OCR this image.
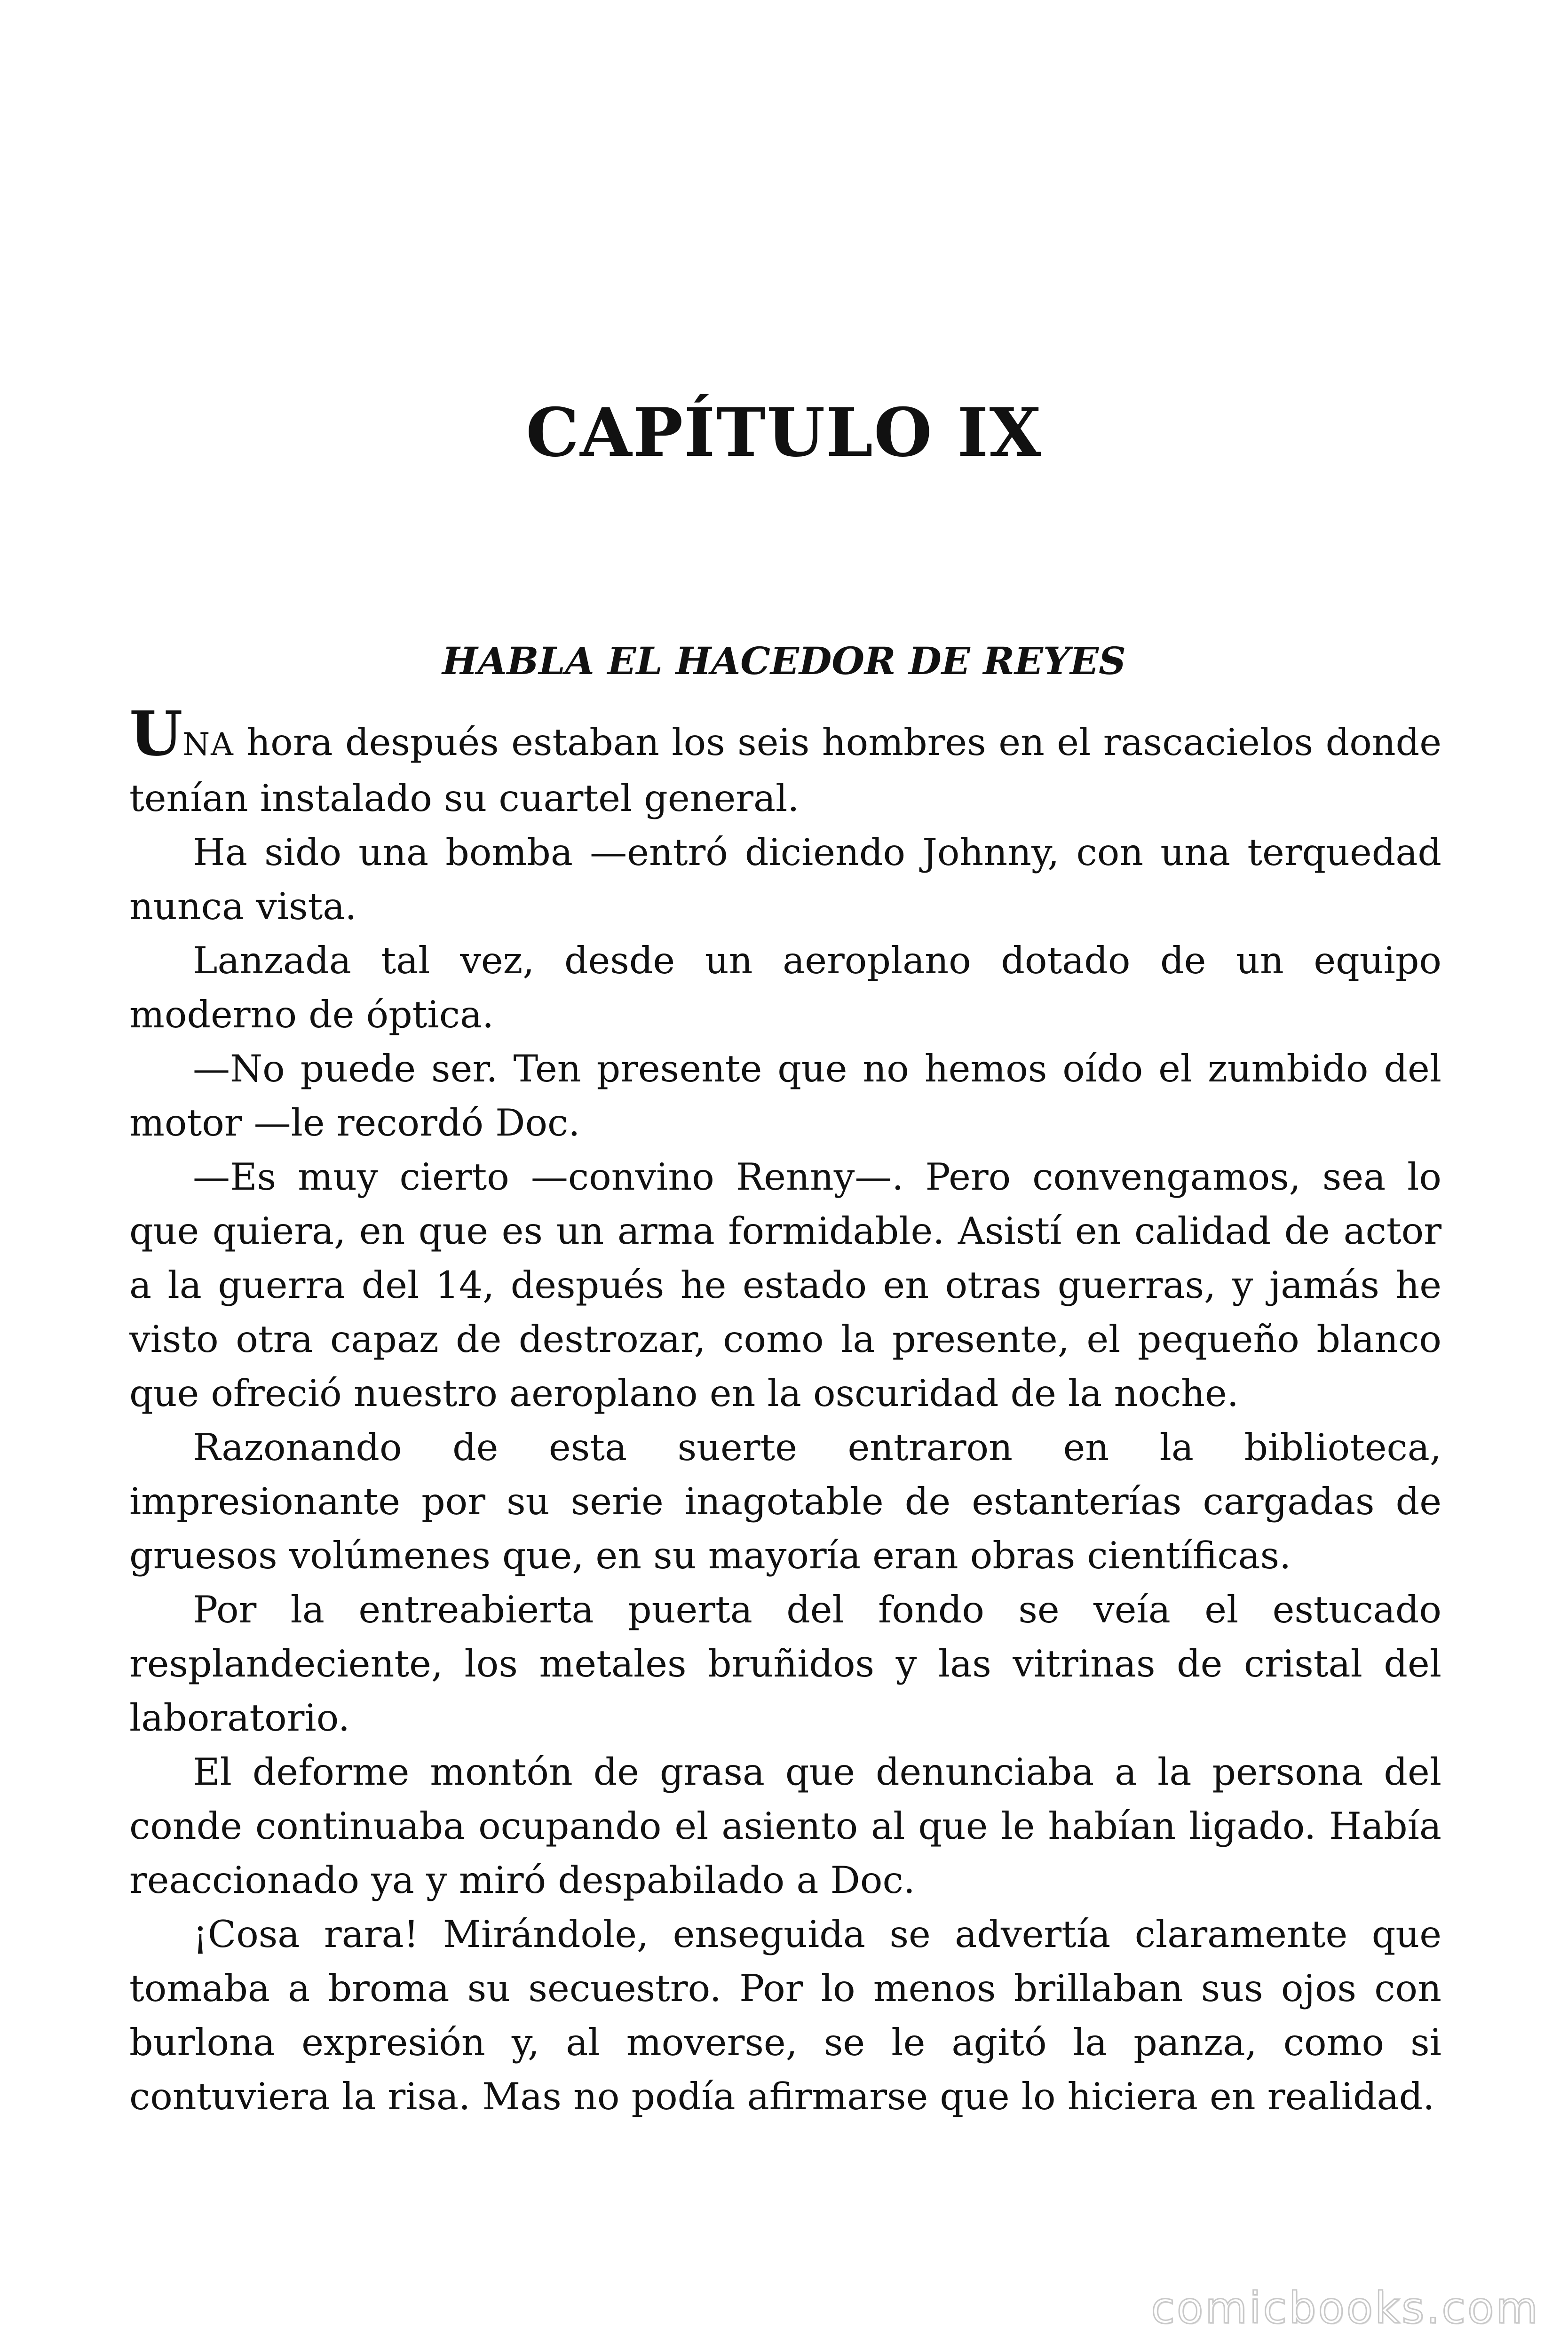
CAPÍTULO IX
HABLA EL HACEDOR DE REYES

UNA hora después estaban los seis hombres en el rascacielos donde tenían instalado su cuartel general.

Ha sido una bomba —entró diciendo Johnny, con una terquedad nunca vista.

Lanzada tal vez, desde un aeroplano dotado de un equipo moderno de óptica.

—No puede ser. Ten presente que no hemos oído el zumbido del motor —le recordó Doc.

—Es muy cierto —convino Renny—. Pero convengamos, sea lo que quiera, en que es un arma formidable. Asistí en calidad de actor a la guerra del 14, después he estado en otras guerras, y jamás he visto otra capaz de destrozar, como la presente, el pequeño blanco que ofreció nuestro aeroplano en la oscuridad de la noche.

Razonando de esta suerte entraron en la biblioteca, impresionante por su serie inagotable de estanterías cargadas de gruesos volúmenes que, en su mayoría eran obras científicas.

Por la entreabierta puerta del fondo se veía el estucado resplandeciente, los metales bruñidos y las vitrinas de cristal del laboratorio.

El deforme montón de grasa que denunciaba a la persona del conde continuaba ocupando el asiento al que le habían ligado. Había reaccionado ya y miró despabilado a Doc.

¡Cosa rara! Mirándole, enseguida se advertía claramente que tomaba a broma su secuestro. Por lo menos brillaban sus ojos con burlona expresión y, al moverse, se le agitó la panza, como si contuviera la risa. Mas no podía afirmarse que lo hiciera en realidad.

comicbooks.com
